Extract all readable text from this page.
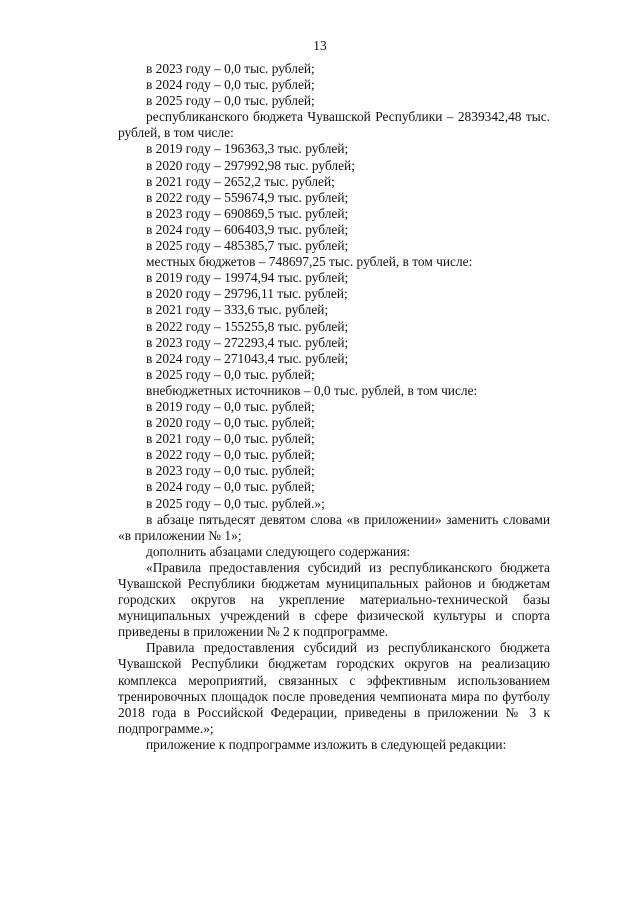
13
в 2023 году – 0,0 тыс. рублей;
в 2024 году – 0,0 тыс. рублей;
в 2025 году – 0,0 тыс. рублей;
республиканского бюджета Чувашской Республики – 2839342,48 тыс. рублей, в том числе:
в 2019 году – 196363,3 тыс. рублей;
в 2020 году – 297992,98 тыс. рублей;
в 2021 году – 2652,2 тыс. рублей;
в 2022 году – 559674,9 тыс. рублей;
в 2023 году – 690869,5 тыс. рублей;
в 2024 году – 606403,9 тыс. рублей;
в 2025 году – 485385,7 тыс. рублей;
местных бюджетов – 748697,25 тыс. рублей, в том числе:
в 2019 году – 19974,94 тыс. рублей;
в 2020 году – 29796,11 тыс. рублей;
в 2021 году – 333,6 тыс. рублей;
в 2022 году – 155255,8 тыс. рублей;
в 2023 году – 272293,4 тыс. рублей;
в 2024 году – 271043,4 тыс. рублей;
в 2025 году – 0,0 тыс. рублей;
внебюджетных источников – 0,0 тыс. рублей, в том числе:
в 2019 году – 0,0 тыс. рублей;
в 2020 году – 0,0 тыс. рублей;
в 2021 году – 0,0 тыс. рублей;
в 2022 году – 0,0 тыс. рублей;
в 2023 году – 0,0 тыс. рублей;
в 2024 году – 0,0 тыс. рублей;
в 2025 году – 0,0 тыс. рублей.»;
в абзаце пятьдесят девятом слова «в приложении» заменить словами «в приложении № 1»;
дополнить абзацами следующего содержания:
«Правила предоставления субсидий из республиканского бюджета Чувашской Республики бюджетам муниципальных районов и бюджетам городских округов на укрепление материально-технической базы муниципальных учреждений в сфере физической культуры и спорта приведены в приложении № 2 к подпрограмме.
Правила предоставления субсидий из республиканского бюджета Чувашской Республики бюджетам городских округов на реализацию комплекса мероприятий, связанных с эффективным использованием тренировочных площадок после проведения чемпионата мира по футболу 2018 года в Российской Федерации, приведены в приложении № 3 к подпрограмме.»;
приложение к подпрограмме изложить в следующей редакции:
